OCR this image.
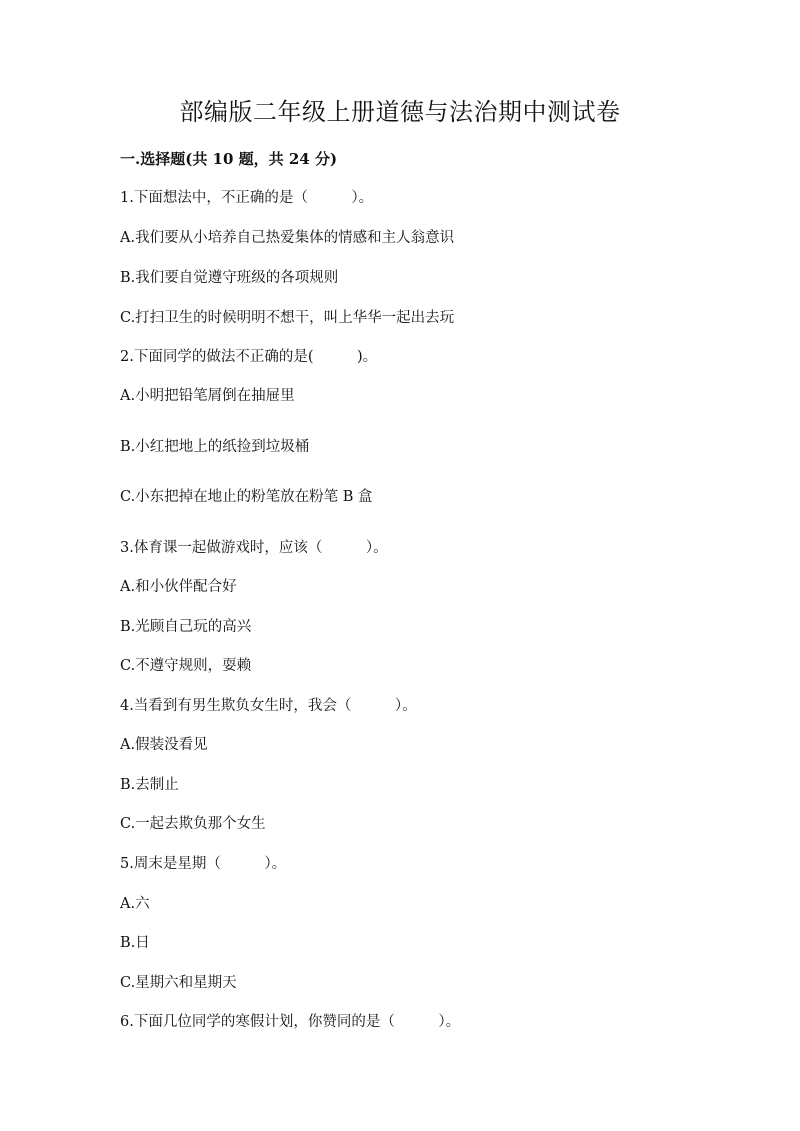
部编版二年级上册道德与法治期中测试卷
一.选择题(共 10 题，共 24 分)
1.下面想法中，不正确的是（　　　）。
A.我们要从小培养自己热爱集体的情感和主人翁意识
B.我们要自觉遵守班级的各项规则
C.打扫卫生的时候明明不想干，叫上华华一起出去玩
2.下面同学的做法不正确的是(　　　)。
A.小明把铅笔屑倒在抽屉里
B.小红把地上的纸捡到垃圾桶
C.小东把掉在地止的粉笔放在粉笔 B 盒
3.体育课一起做游戏时，应该（　　　）。
A.和小伙伴配合好
B.光顾自己玩的高兴
C.不遵守规则，耍赖
4.当看到有男生欺负女生时，我会（　　　）。
A.假装没看见
B.去制止
C.一起去欺负那个女生
5.周末是星期（　　　）。
A.六
B.日
C.星期六和星期天
6.下面几位同学的寒假计划，你赞同的是（　　　）。
